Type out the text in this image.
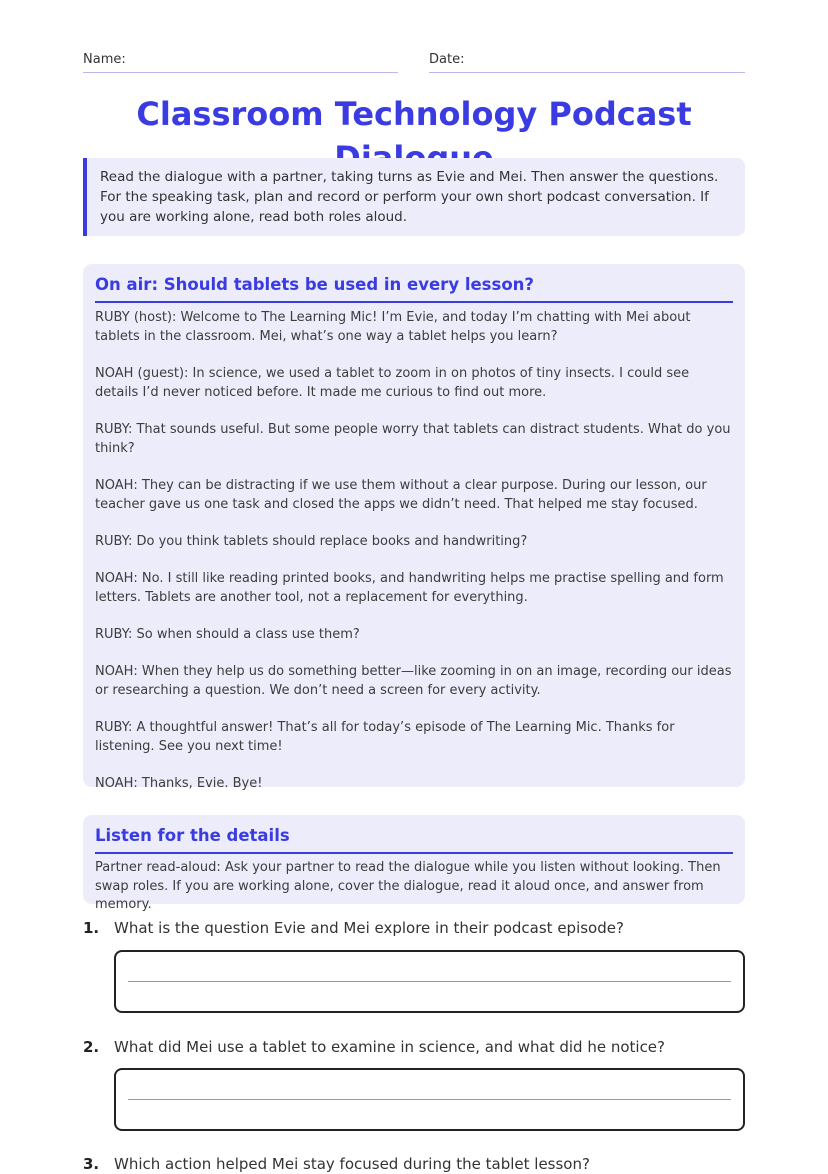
Name:	Date:
Classroom Technology Podcast
Read the dialogue with a partner, taking turns as Evie and Mei. Then answer the questions. For the speaking task, plan and record or perform your own short podcast conversation. If you are working alone, read both roles aloud.
On air: Should tablets be used in every lesson?

RUBY (host): Welcome to The Learning Mic! I’m Evie, and today I’m chatting with Mei about tablets in the classroom. Mei, what’s one way a tablet helps you learn?

NOAH (guest): In science, we used a tablet to zoom in on photos of tiny insects. I could see details I’d never noticed before. It made me curious to find out more.

RUBY: That sounds useful. But some people worry that tablets can distract students. What do you think?

NOAH: They can be distracting if we use them without a clear purpose. During our lesson, our teacher gave us one task and closed the apps we didn’t need. That helped me stay focused.

RUBY: Do you think tablets should replace books and handwriting?

NOAH: No. I still like reading printed books, and handwriting helps me practise spelling and form letters. Tablets are another tool, not a replacement for everything.

RUBY: So when should a class use them?

NOAH: When they help us do something better—like zooming in on an image, recording our ideas or researching a question. We don’t need a screen for every activity.

RUBY: A thoughtful answer! That’s all for today’s episode of The Learning Mic. Thanks for listening. See you next time!

NOAH: Thanks, Evie. Bye!

Listen for the details

Partner read-aloud: Ask your partner to read the dialogue while you listen without looking. Then swap roles. If you are working alone, cover the dialogue, read it aloud once, and answer from memory.

1. What is the question Evie and Mei explore in their podcast episode?
2. What did Mei use a tablet to examine in science, and what did he notice?
3. Which action helped Mei stay focused during the tablet lesson?
